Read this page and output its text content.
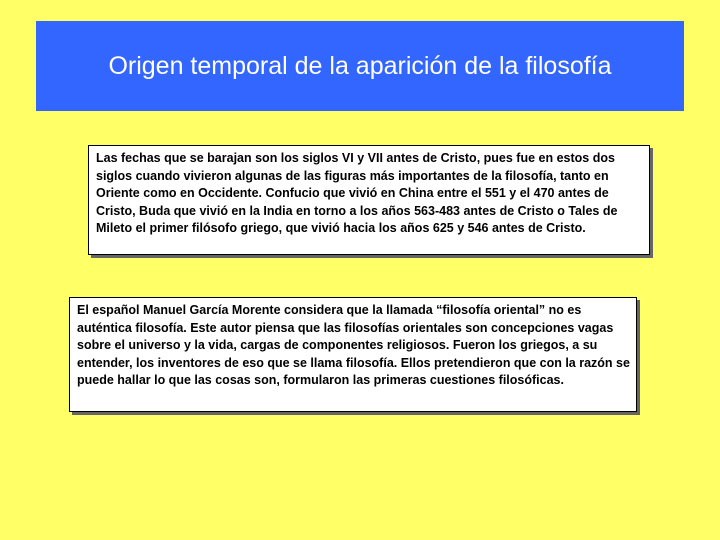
Origen temporal de la aparición de la filosofía
Las fechas que se barajan son los siglos VI y VII antes de Cristo, pues fue en estos dos siglos cuando vivieron algunas de las figuras más importantes de la filosofía, tanto en Oriente como en Occidente. Confucio que vivió en China entre el 551 y el 470 antes de Cristo, Buda que vivió en la India en torno a los años 563-483 antes de Cristo o Tales de Mileto el primer filósofo griego, que vivió hacia los años 625 y 546 antes de Cristo.
El español Manuel García Morente considera que la llamada “filosofía oriental” no es auténtica filosofía. Este autor piensa que las filosofías orientales son concepciones vagas sobre el universo y la vida, cargas de componentes religiosos. Fueron los griegos, a su entender, los inventores de eso que se llama filosofía. Ellos pretendieron que con la razón se puede hallar lo que las cosas son, formularon las primeras cuestiones filosóficas.
